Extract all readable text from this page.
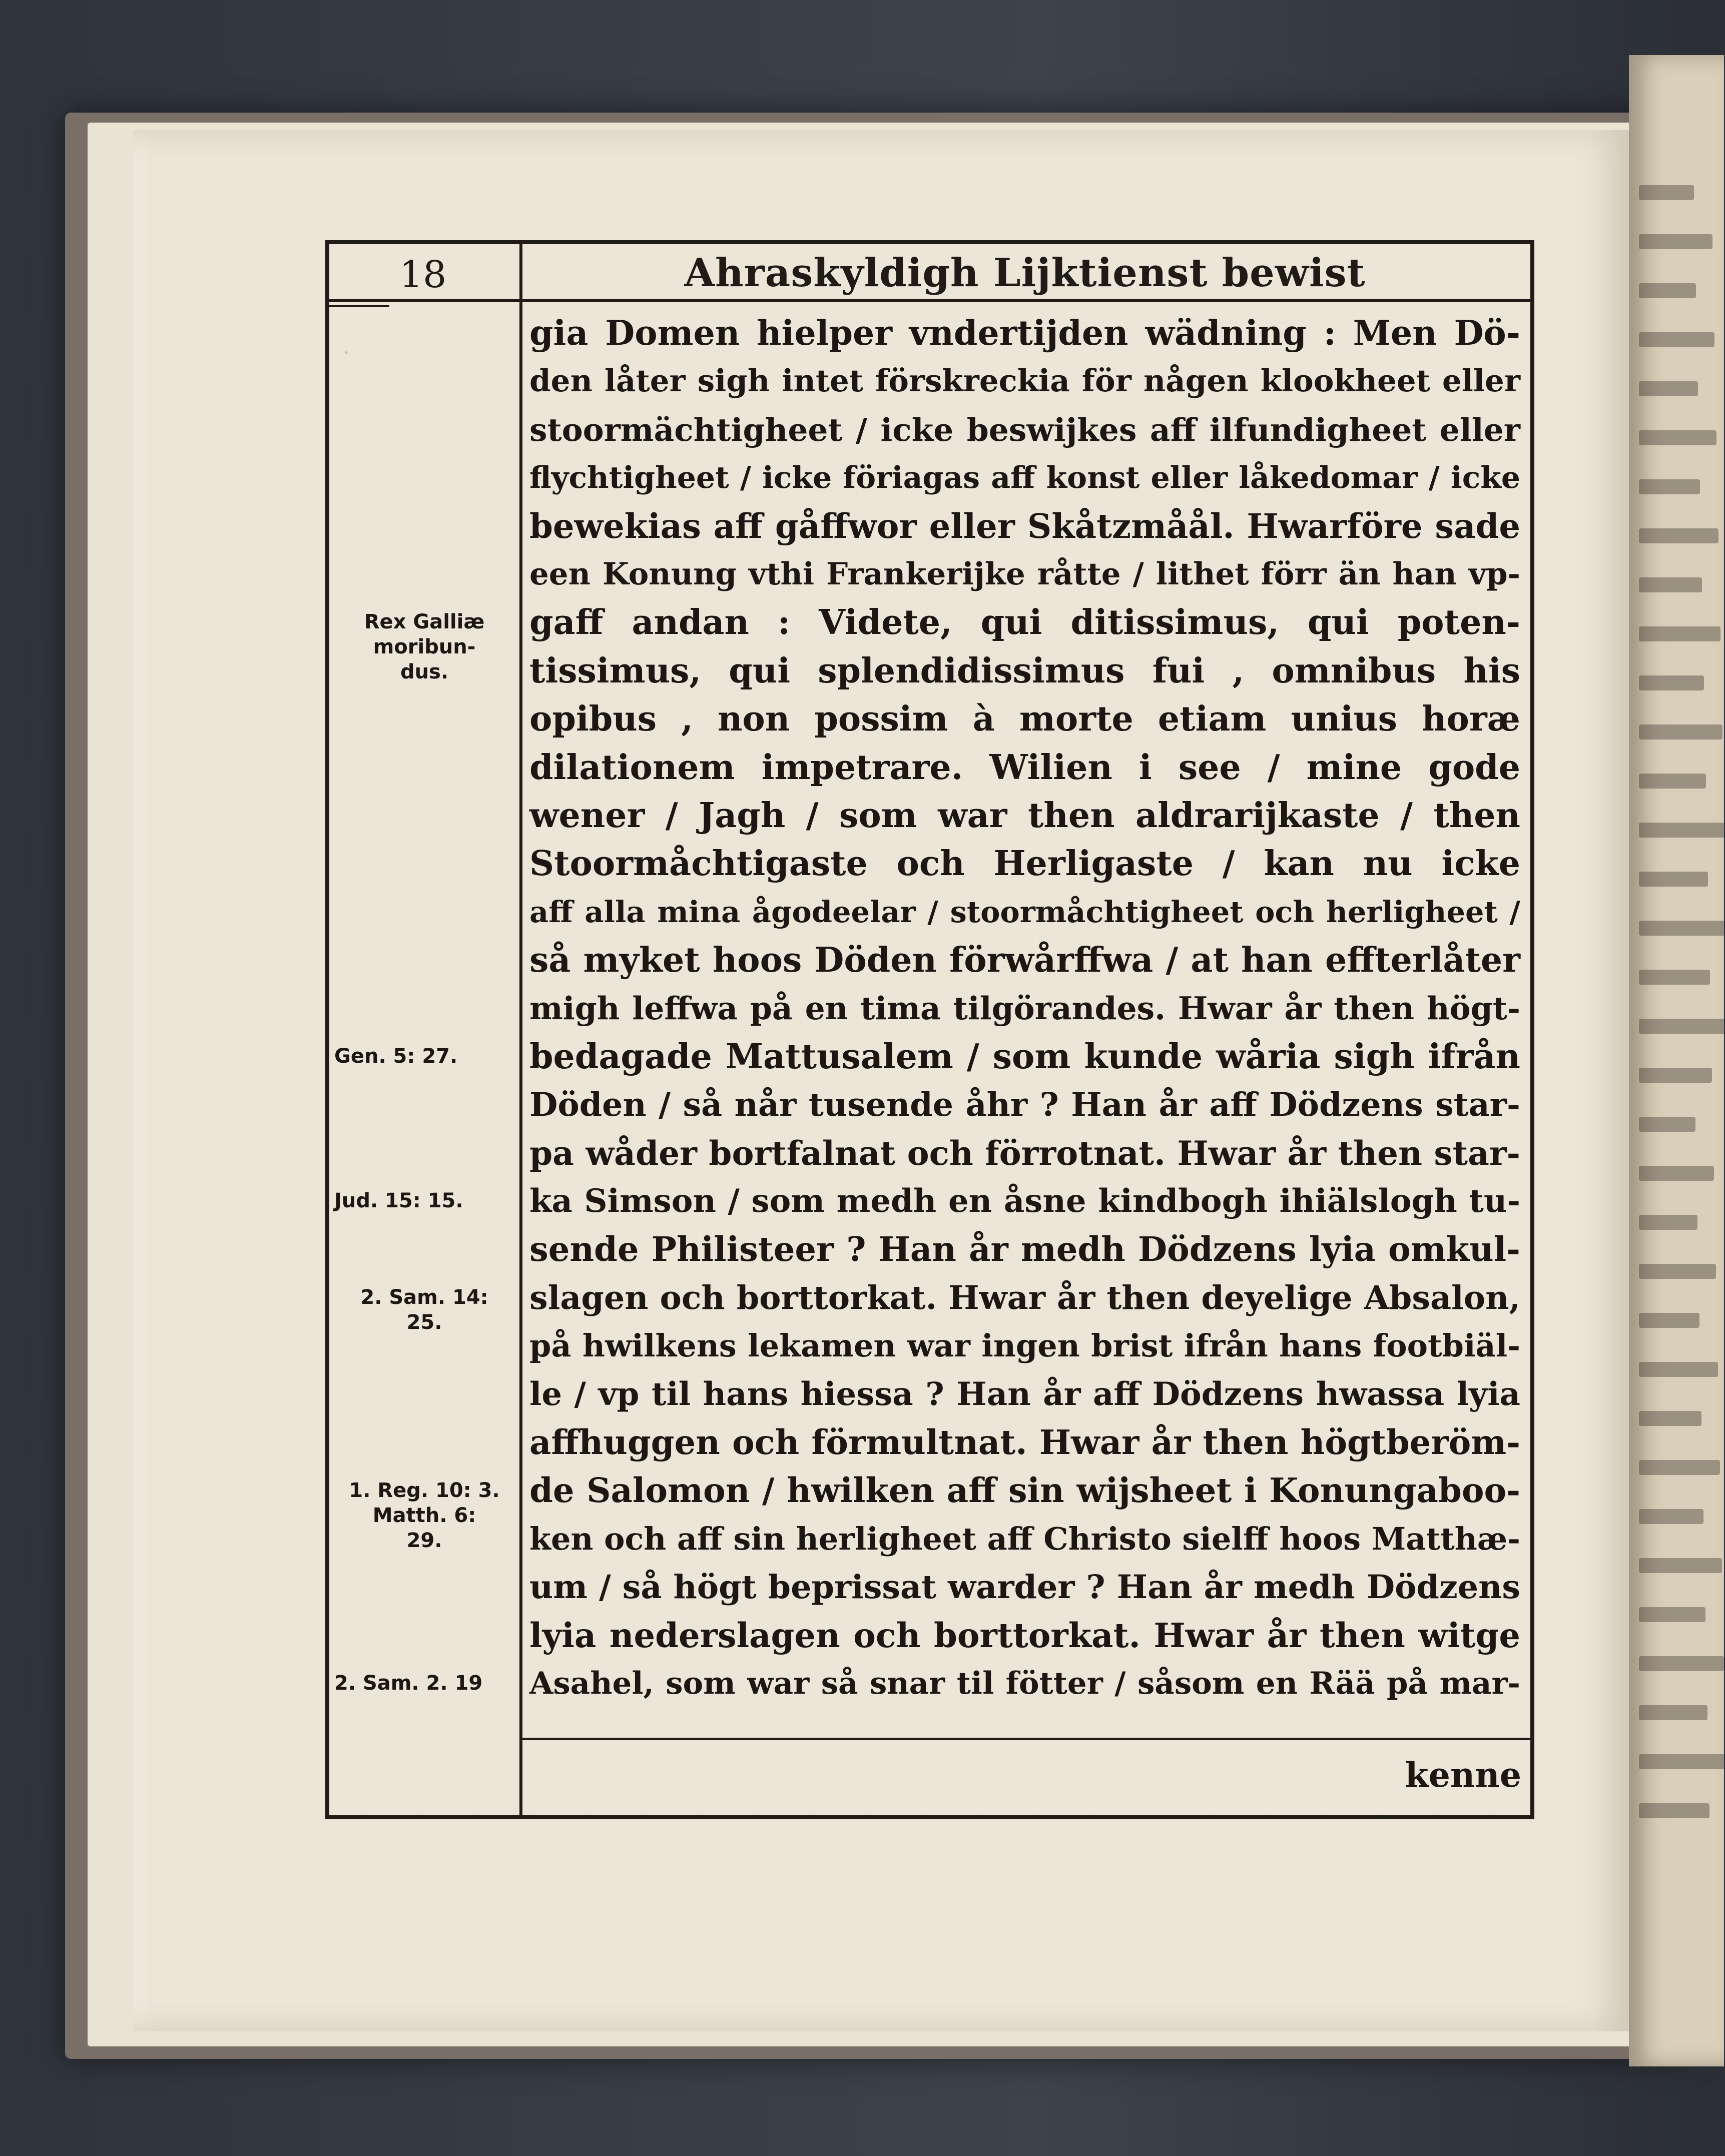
·
18	Ahraskyldigh Lijktienst bewist
Rex Galliæ
moribun-
dus.
Gen. 5: 27.
Jud. 15: 15.
2. Sam. 14:
25.
1. Reg. 10: 3.
Matth. 6:
29.
2. Sam. 2. 19
gia Domen hielper vndertijden wädning : Men Dö-
den låter sigh intet förskreckia för någen klookheet eller
stoormächtigheet / icke beswijkes aff ilfundigheet eller
flychtigheet / icke föriagas aff konst eller låkedomar / icke
bewekias aff gåffwor eller Skåtzmåål. Hwarföre sade
een Konung vthi Frankerijke råtte / lithet förr än han vp-
gaff andan : Videte, qui ditissimus, qui poten-
tissimus, qui splendidissimus fui , omnibus his
opibus , non possim à morte etiam unius horæ
dilationem impetrare. Wilien i see / mine gode
wener / Jagh / som war then aldrarijkaste / then
Stoormåchtigaste och Herligaste / kan nu icke
aff alla mina ågodeelar / stoormåchtigheet och herligheet /
så myket hoos Döden förwårffwa / at han effterlåter
migh leffwa på en tima tilgörandes. Hwar år then högt-
bedagade Mattusalem / som kunde wåria sigh ifrån
Döden / så når tusende åhr ? Han år aff Dödzens star-
pa wåder bortfalnat och förrotnat. Hwar år then star-
ka Simson / som medh en åsne kindbogh ihiälslogh tu-
sende Philisteer ? Han år medh Dödzens lyia omkul-
slagen och borttorkat. Hwar år then deyelige Absalon,
på hwilkens lekamen war ingen brist ifrån hans footbiäl-
le / vp til hans hiessa ? Han år aff Dödzens hwassa lyia
affhuggen och förmultnat. Hwar år then högtberöm-
de Salomon / hwilken aff sin wijsheet i Konungaboo-
ken och aff sin herligheet aff Christo sielff hoos Matthæ-
um / så högt beprissat warder ? Han år medh Dödzens
lyia nederslagen och borttorkat. Hwar år then witge
Asahel, som war så snar til fötter / såsom en Rää på mar-
kenne
